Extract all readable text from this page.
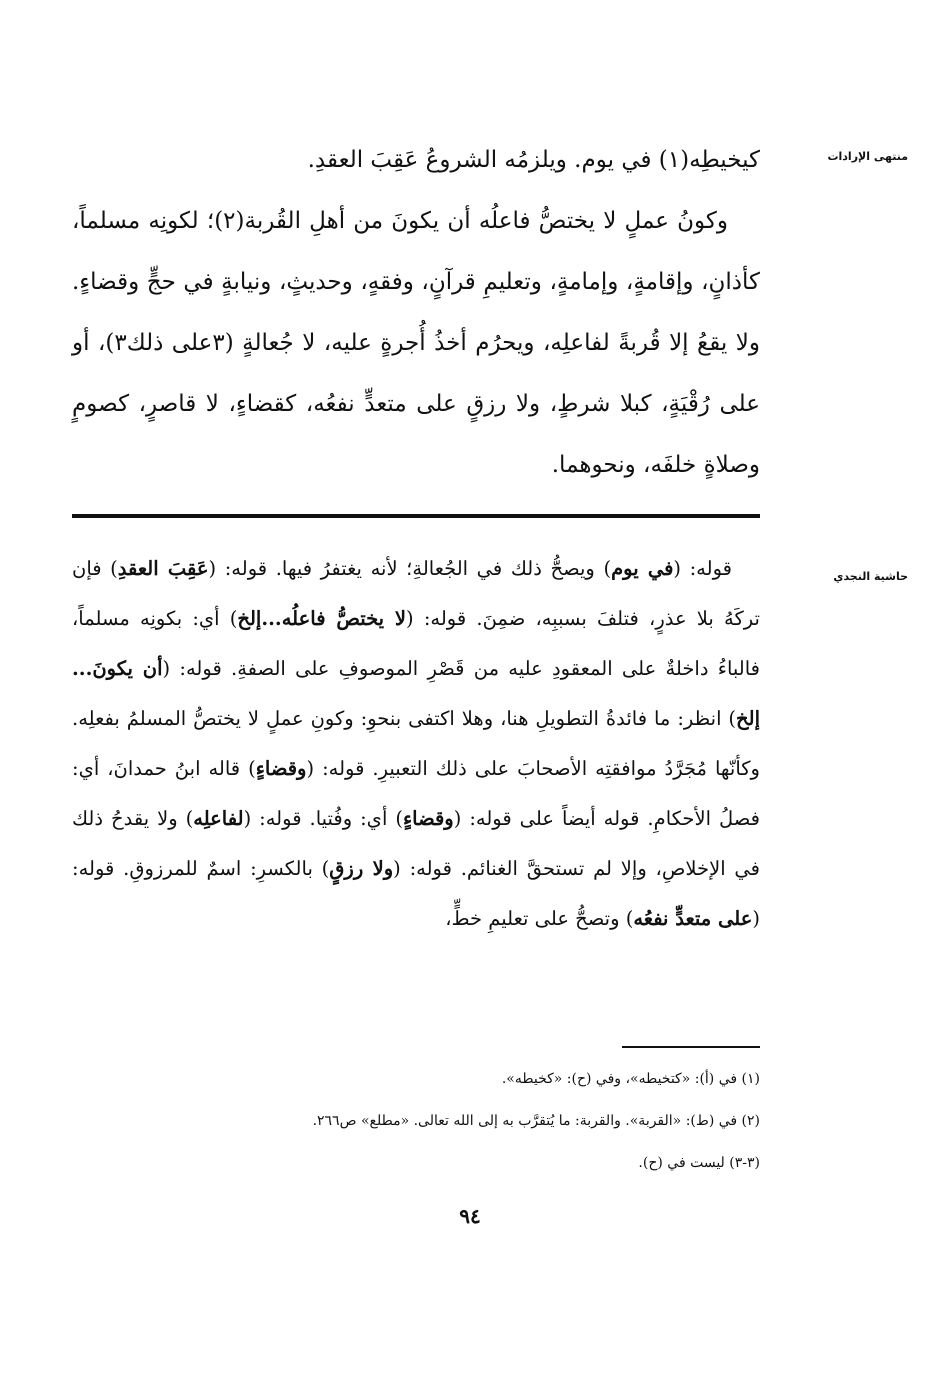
منتهى الإرادات
حاشية النجدي

كيخيطِه(١) في يوم. ويلزمُه الشروعُ عَقِبَ العقدِ.

وكونُ عملٍ لا يختصُّ فاعلُه أن يكونَ من أهلِ القُربة(٢)؛ لكونِه مسلماً، كأذانٍ، وإقامةٍ، وإمامةٍ، وتعليمِ قرآنٍ، وفقهٍ، وحديثٍ، ونيابةٍ في حجٍّ وقضاءٍ. ولا يقعُ إلا قُربةً لفاعلِه، ويحرُم أخذُ أُجرةٍ عليه، لا جُعالةٍ (٣على ذلك٣)، أو على رُقْيَةٍ، كبلا شرطٍ، ولا رزقٍ على متعدٍّ نفعُه، كقضاءٍ، لا قاصرٍ، كصومٍ وصلاةٍ خلفَه، ونحوهما.

قوله: (في يوم) ويصحُّ ذلك في الجُعالةِ؛ لأنه يغتفرُ فيها. قوله: (عَقِبَ العقدِ) فإن تركَهُ بلا عذرٍ، فتلفَ بسببِه، ضمِنَ. قوله: (لا يختصُّ فاعلُه...إلخ) أي: بكونِه مسلماً، فالباءُ داخلةٌ على المعقودِ عليه من قَصْرِ الموصوفِ على الصفةِ. قوله: (أن يكونَ... إلخ) انظر: ما فائدةُ التطويلِ هنا، وهلا اكتفى بنحوِ: وكونِ عملٍ لا يختصُّ المسلمُ بفعلِه. وكأنّها مُجَرَّدُ موافقتِه الأصحابَ على ذلك التعبيرِ. قوله: (وقضاءٍ) قاله ابنُ حمدانَ، أي: فصلُ الأحكامِ. قوله أيضاً على قوله: (وقضاءٍ) أي: وفُتيا. قوله: (لفاعلِه) ولا يقدحُ ذلك في الإخلاصِ، وإلا لم تستحقَّ الغنائم. قوله: (ولا رزقٍ) بالكسرِ: اسمٌ للمرزوقِ. قوله: (على متعدٍّ نفعُه) وتصحُّ على تعليمِ خطٍّ،
(١) في (أ): «كتخيطه»، وفي (ح): «كخيطه».
(٢) في (ط): «القربة». والقربة: ما يُتقرَّب به إلى الله تعالى. «مطلع» ص٢٦٦.
(٣-٣) ليست في (ح).
٩٤
